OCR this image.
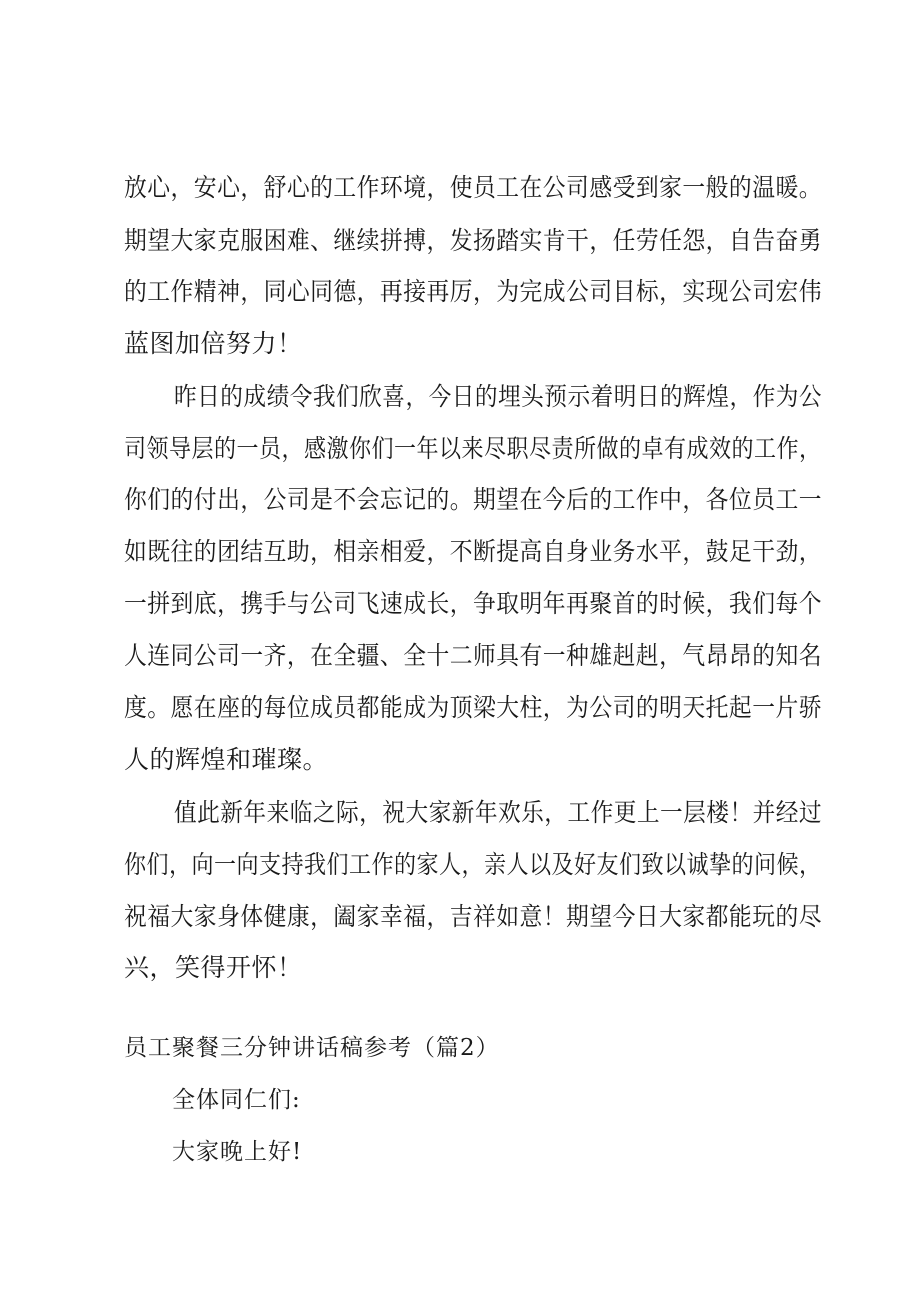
放心，安心，舒心的工作环境，使员工在公司感受到家一般的温暖。
期望大家克服困难、继续拼搏，发扬踏实肯干，任劳任怨，自告奋勇
的工作精神，同心同德，再接再厉，为完成公司目标，实现公司宏伟
蓝图加倍努力！
昨日的成绩令我们欣喜，今日的埋头预示着明日的辉煌，作为公
司领导层的一员，感激你们一年以来尽职尽责所做的卓有成效的工作，
你们的付出，公司是不会忘记的。期望在今后的工作中，各位员工一
如既往的团结互助，相亲相爱，不断提高自身业务水平，鼓足干劲，
一拼到底，携手与公司飞速成长，争取明年再聚首的时候，我们每个
人连同公司一齐，在全疆、全十二师具有一种雄赳赳，气昂昂的知名
度。愿在座的每位成员都能成为顶梁大柱，为公司的明天托起一片骄
人的辉煌和璀璨。
值此新年来临之际，祝大家新年欢乐，工作更上一层楼！并经过
你们，向一向支持我们工作的家人，亲人以及好友们致以诚挚的问候，
祝福大家身体健康，阖家幸福，吉祥如意！期望今日大家都能玩的尽
兴，笑得开怀！
员工聚餐三分钟讲话稿参考（篇2）
全体同仁们:
大家晚上好!
